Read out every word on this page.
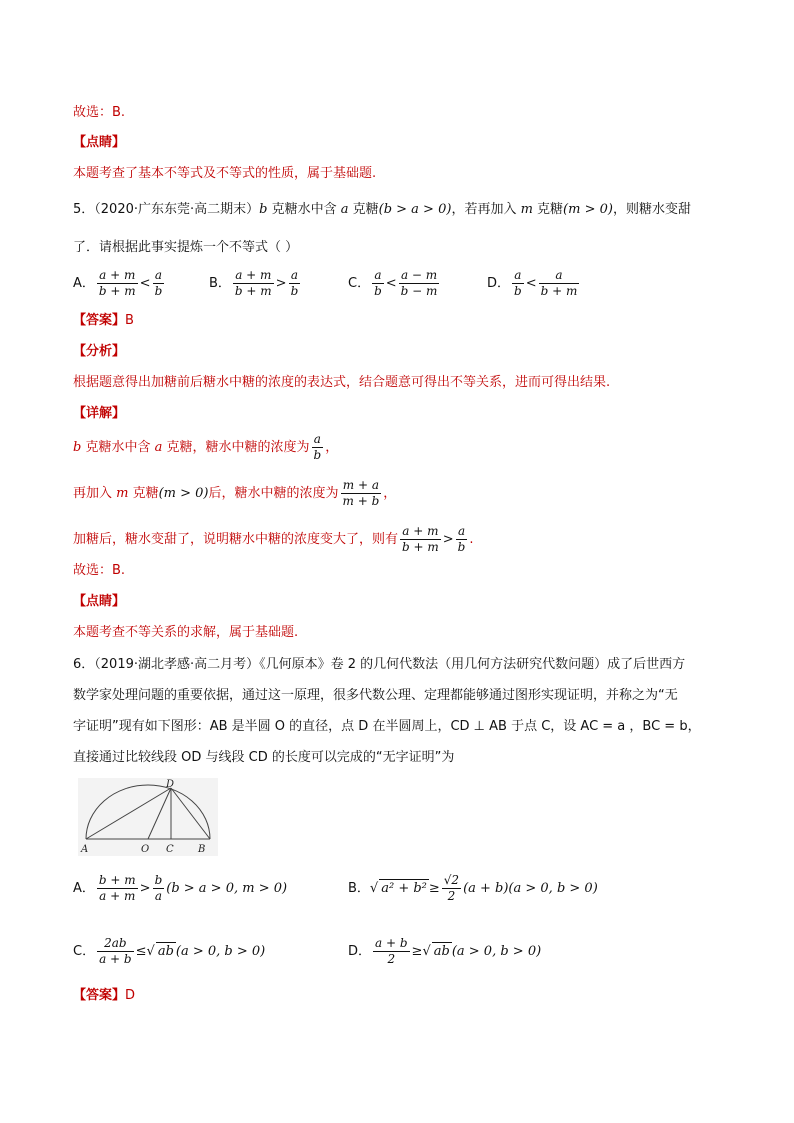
故选：B.
【点睛】
本题考查了基本不等式及不等式的性质，属于基础题.
5．（2020·广东东莞·高二期末）b 克糖水中含 a 克糖(b > a > 0)，若再加入 m 克糖(m > 0)，则糖水变甜
了．请根据此事实提炼一个不等式（ ）
A． $\frac{a + m}{b + m} < \frac{a}{b}$	B． $\frac{a + m}{b + m} > \frac{a}{b}$	C． $\frac{a}{b} < \frac{a - m}{b - m}$	D． $\frac{a}{b} < \frac{a}{b + m}$
【答案】B
【分析】
根据题意得出加糖前后糖水中糖的浓度的表达式，结合题意可得出不等关系，进而可得出结果.
【详解】
b 克糖水中含 a 克糖，糖水中糖的浓度为 $\frac{a}{b}$ ，
再加入 m 克糖(m > 0)后，糖水中糖的浓度为 $\frac{m + a}{m + b}$ ，
加糖后，糖水变甜了，说明糖水中糖的浓度变大了，则有 $\frac{a + m}{b + m} > \frac{a}{b}$ .
故选：B.
【点睛】
本题考查不等关系的求解，属于基础题.
6．（2019·湖北孝感·高二月考）《几何原本》卷 2 的几何代数法（用几何方法研究代数问题）成了后世西方
数学家处理问题的重要依据，通过这一原理，很多代数公理、定理都能够通过图形实现证明，并称之为“无
字证明”现有如下图形：AB 是半圆 O 的直径，点 D 在半圆周上，CD ⊥ AB 于点 C，设 AC = a ，BC = b，
直接通过比较线段 OD 与线段 CD 的长度可以完成的“无字证明”为
A	O C B
D
A． $\frac{b + m}{a + m} > \frac{b}{a} (b > a > 0$, m > 0)	B．√ $a^2 + b^2 \ge \frac{√2}{2} (a + b)(a > 0$, b > 0)
C． $\frac{2ab}{a + b}$ ≤√ ab (a > 0, b > 0)	D． $\frac{a + b}{2}$ ≥√ ab (a > 0, b > 0)
【答案】D
